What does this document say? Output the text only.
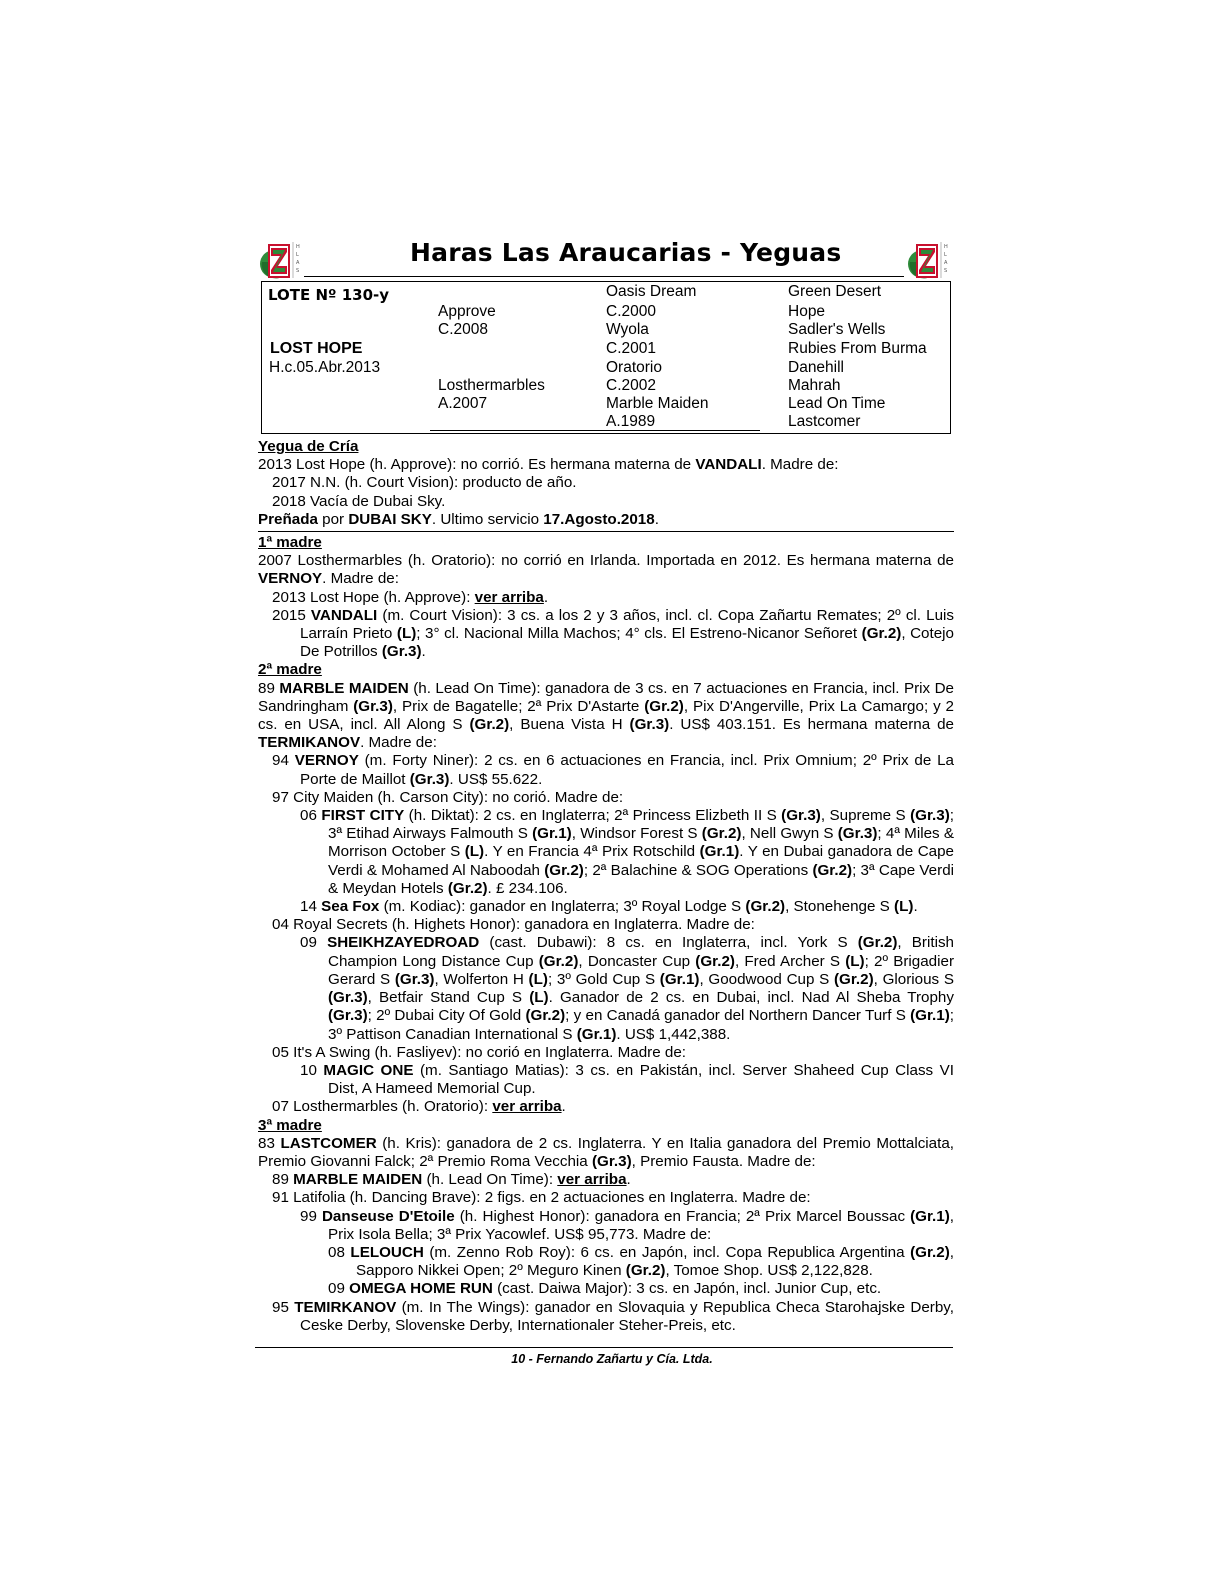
H
L
A
S
Haras Las Araucarias - Yeguas	H
L
A
S
LOTE Nº 130-y
LOST HOPE
H.c.05.Abr.2013
Approve
C.2008
Losthermarbles
A.2007
Oasis Dream
C.2000
Wyola
C.2001
Oratorio
C.2002
Marble Maiden
A.1989
Green Desert
Hope
Sadler's Wells
Rubies From Burma
Danehill
Mahrah
Lead On Time
Lastcomer

Yegua de Cría

2013 Lost Hope (h. Approve): no corrió. Es hermana materna de VANDALI. Madre de:

2017 N.N. (h. Court Vision): producto de año.

2018 Vacía de Dubai Sky.

Preñada por DUBAI SKY. Ultimo servicio 17.Agosto.2018.

1ª madre

2007 Losthermarbles (h. Oratorio): no corrió en Irlanda. Importada en 2012. Es hermana materna de VERNOY. Madre de:

2013 Lost Hope (h. Approve): ver arriba.

2015 VANDALI (m. Court Vision): 3 cs. a los 2 y 3 años, incl. cl. Copa Zañartu Remates; 2º cl. Luis Larraín Prieto (L); 3° cl. Nacional Milla Machos; 4° cls. El Estreno-Nicanor Señoret (Gr.2), Cotejo De Potrillos (Gr.3).

2ª madre

89 MARBLE MAIDEN (h. Lead On Time): ganadora de 3 cs. en 7 actuaciones en Francia, incl. Prix De Sandringham (Gr.3), Prix de Bagatelle; 2ª Prix D'Astarte (Gr.2), Pix D'Angerville, Prix La Camargo; y 2 cs. en USA, incl. All Along S (Gr.2), Buena Vista H (Gr.3). US$ 403.151. Es hermana materna de TERMIKANOV. Madre de:

94 VERNOY (m. Forty Niner): 2 cs. en 6 actuaciones en Francia, incl. Prix Omnium; 2º Prix de La Porte de Maillot (Gr.3). US$ 55.622.

97 City Maiden (h. Carson City): no corió. Madre de:

06 FIRST CITY (h. Diktat): 2 cs. en Inglaterra; 2ª Princess Elizbeth II S (Gr.3), Supreme S (Gr.3); 3ª Etihad Airways Falmouth S (Gr.1), Windsor Forest S (Gr.2), Nell Gwyn S (Gr.3); 4ª Miles & Morrison October S (L). Y en Francia 4ª Prix Rotschild (Gr.1). Y en Dubai ganadora de Cape Verdi & Mohamed Al Naboodah (Gr.2); 2ª Balachine & SOG Operations (Gr.2); 3ª Cape Verdi & Meydan Hotels (Gr.2). £ 234.106.

14 Sea Fox (m. Kodiac): ganador en Inglaterra; 3º Royal Lodge S (Gr.2), Stonehenge S (L).

04 Royal Secrets (h. Highets Honor): ganadora en Inglaterra. Madre de:

09 SHEIKHZAYEDROAD (cast. Dubawi): 8 cs. en Inglaterra, incl. York S (Gr.2), British Champion Long Distance Cup (Gr.2), Doncaster Cup (Gr.2), Fred Archer S (L); 2º Brigadier Gerard S (Gr.3), Wolferton H (L); 3º Gold Cup S (Gr.1), Goodwood Cup S (Gr.2), Glorious S (Gr.3), Betfair Stand Cup S (L). Ganador de 2 cs. en Dubai, incl. Nad Al Sheba Trophy (Gr.3); 2º Dubai City Of Gold (Gr.2); y en Canadá ganador del Northern Dancer Turf S (Gr.1); 3º Pattison Canadian International S (Gr.1). US$ 1,442,388.

05 It's A Swing (h. Fasliyev): no corió en Inglaterra. Madre de:

10 MAGIC ONE (m. Santiago Matias): 3 cs. en Pakistán, incl. Server Shaheed Cup Class VI Dist, A Hameed Memorial Cup.

07 Losthermarbles (h. Oratorio): ver arriba.

3ª madre

83 LASTCOMER (h. Kris): ganadora de 2 cs. Inglaterra. Y en Italia ganadora del Premio Mottalciata, Premio Giovanni Falck; 2ª Premio Roma Vecchia (Gr.3), Premio Fausta. Madre de:

89 MARBLE MAIDEN (h. Lead On Time): ver arriba.

91 Latifolia (h. Dancing Brave): 2 figs. en 2 actuaciones en Inglaterra. Madre de:

99 Danseuse D'Etoile (h. Highest Honor): ganadora en Francia; 2ª Prix Marcel Boussac (Gr.1), Prix Isola Bella; 3ª Prix Yacowlef. US$ 95,773. Madre de:

08 LELOUCH (m. Zenno Rob Roy): 6 cs. en Japón, incl. Copa Republica Argentina (Gr.2), Sapporo Nikkei Open; 2º Meguro Kinen (Gr.2), Tomoe Shop. US$ 2,122,828.

09 OMEGA HOME RUN (cast. Daiwa Major): 3 cs. en Japón, incl. Junior Cup, etc.

95 TEMIRKANOV (m. In The Wings): ganador en Slovaquia y Republica Checa Starohajske Derby, Ceske Derby, Slovenske Derby, Internationaler Steher-Preis, etc.

10 - Fernando Zañartu y Cía. Ltda.
